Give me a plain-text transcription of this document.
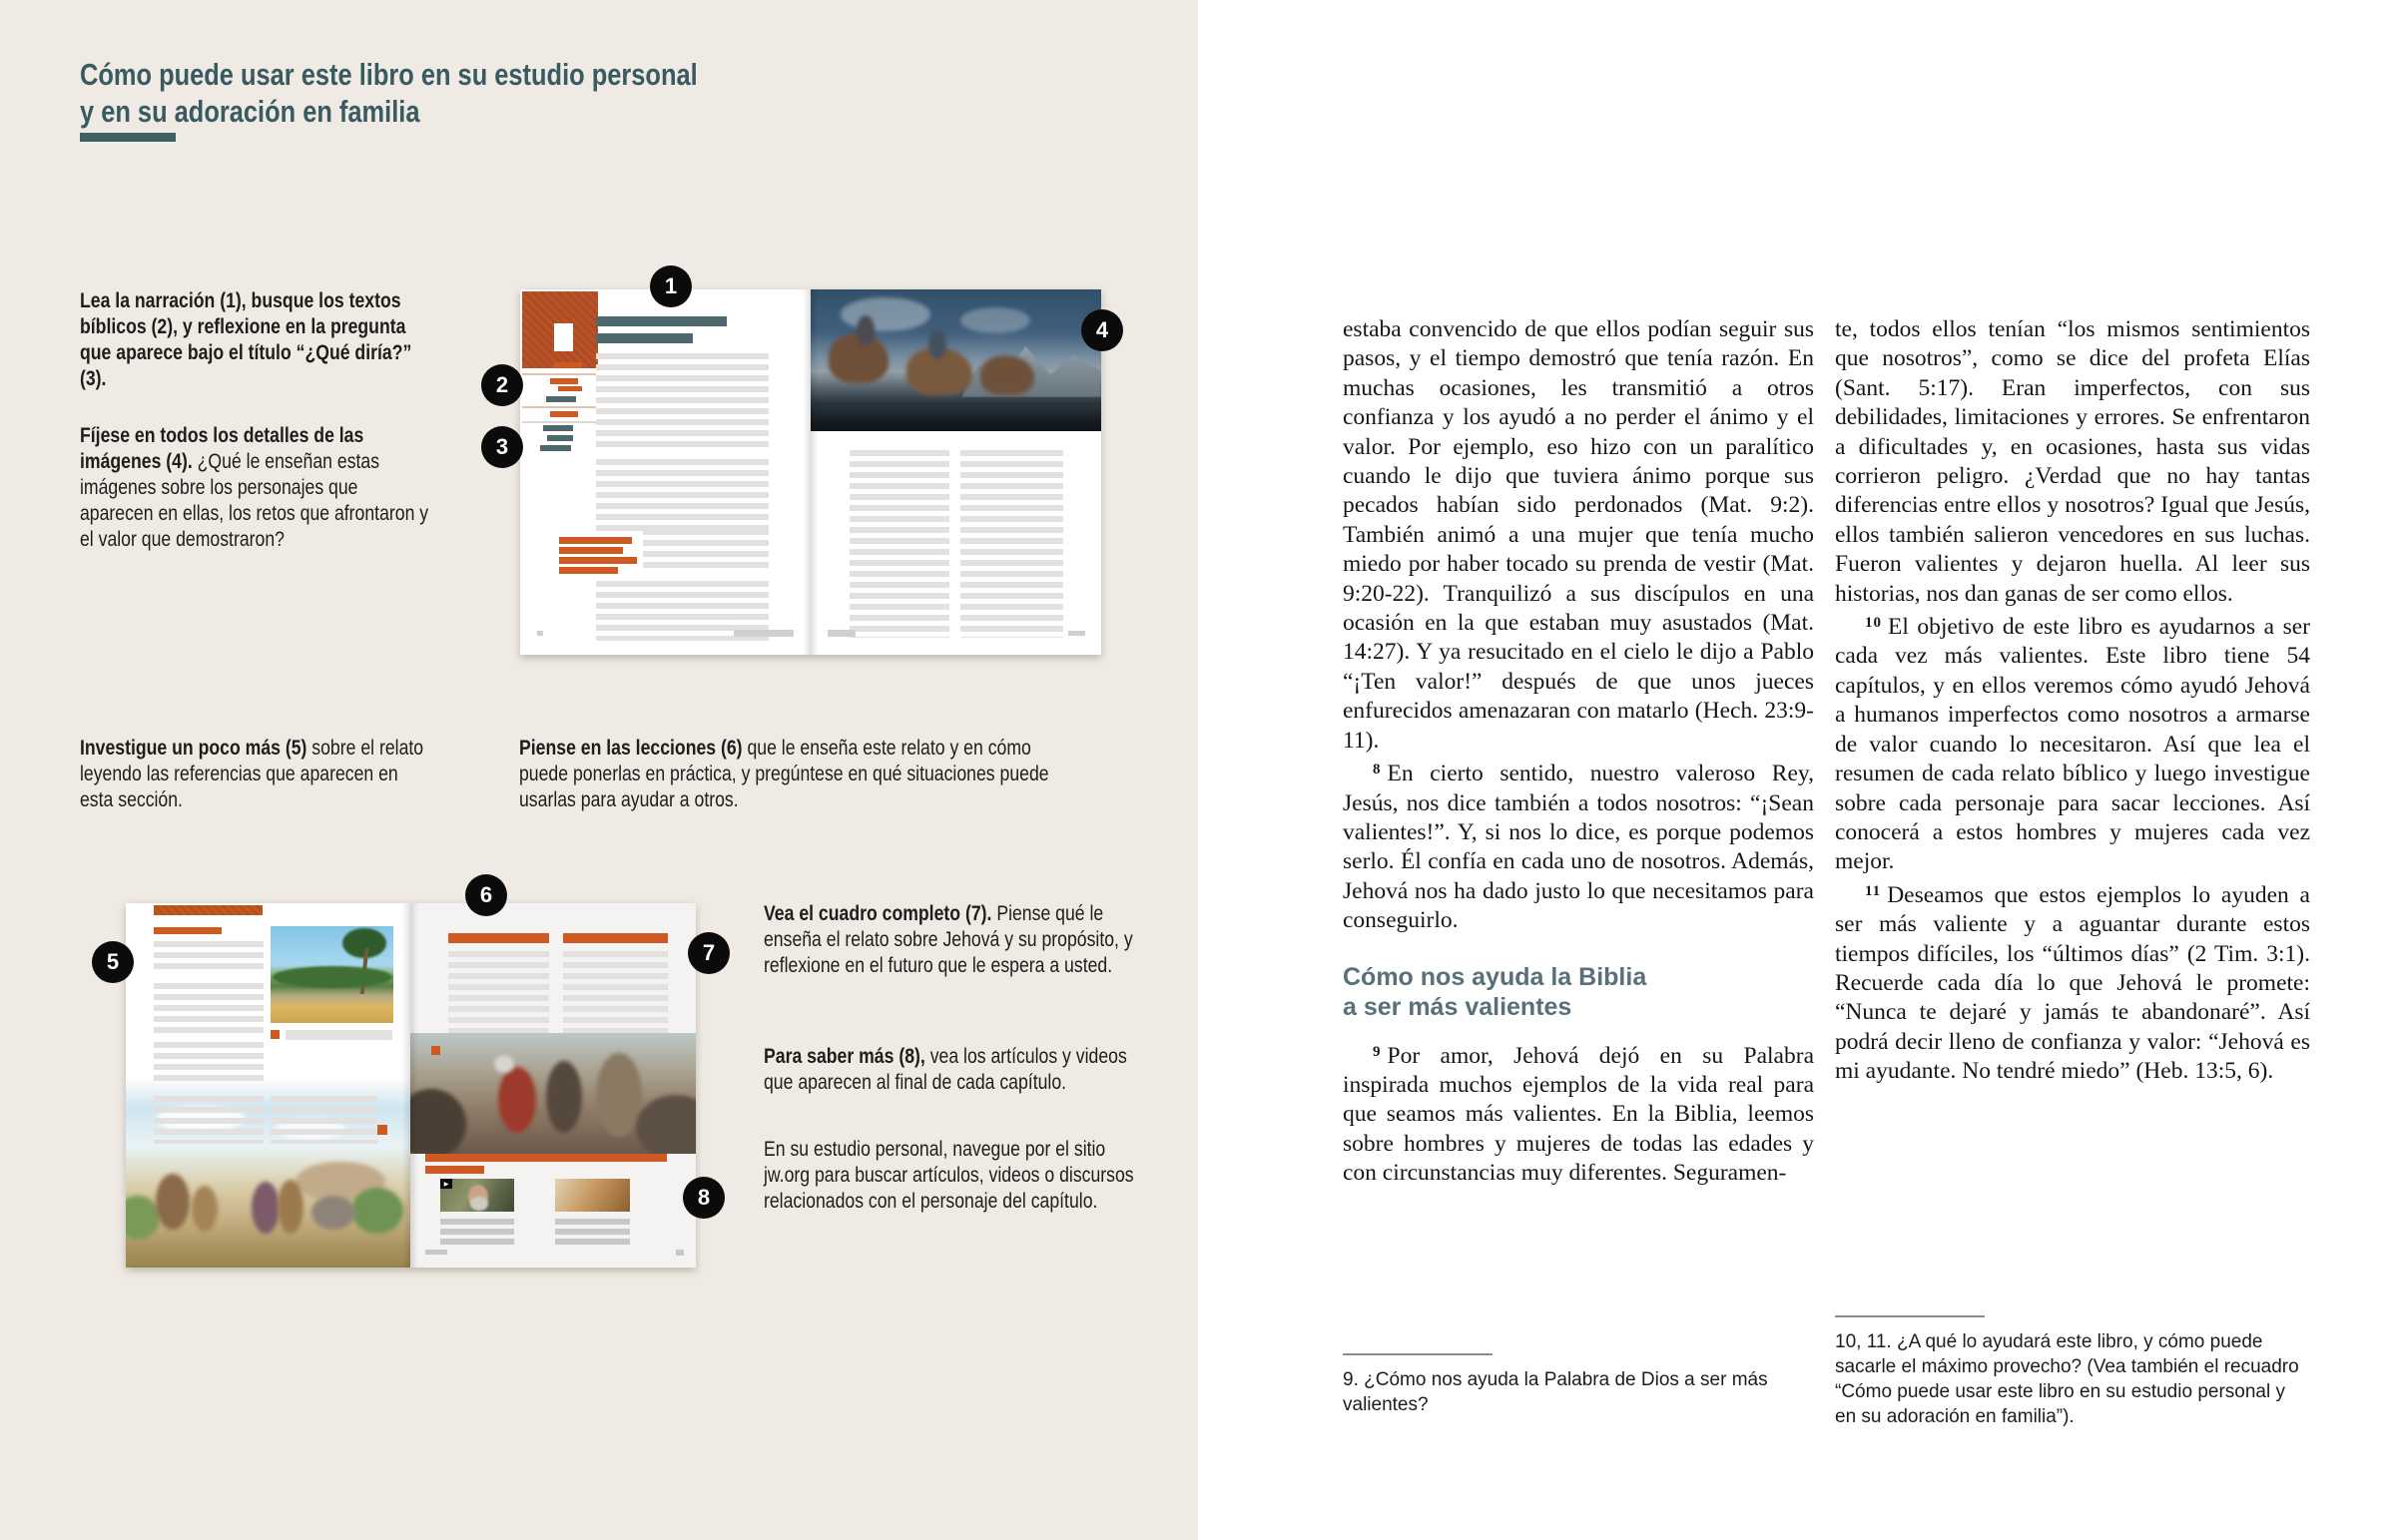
Cómo puede usar este libro en su estudio personal
y en su adoración en familia
Lea la narración (1), busque los textos bíblicos (2), y reflexione en la pregunta que aparece bajo el título “¿Qué diría?” (3).
Fíjese en todos los detalles de las imágenes (4). ¿Qué le enseñan estas imágenes sobre los personajes que aparecen en ellas, los retos que afrontaron y el valor que demostraron?
Investigue un poco más (5) sobre el relato leyendo las referencias que aparecen en esta sección.
Piense en las lecciones (6) que le enseña este relato y en cómo puede ponerlas en práctica, y pregúntese en qué situaciones puede usarlas para ayudar a otros.
Vea el cuadro completo (7). Piense qué le enseña el relato sobre Jehová y su propósito, y reflexione en el futuro que le espera a usted.
Para saber más (8), vea los artículos y videos que aparecen al final de cada capítulo.
En su estudio personal, navegue por el sitio jw.org para buscar artículos, videos o discursos relacionados con el personaje del capítulo.
▶
1
2
3
4
5
6
7
8

estaba convencido de que ellos podían seguir sus pasos, y el tiempo demostró que tenía razón. En muchas ocasiones, les transmitió a otros confianza y los ayudó a no perder el ánimo y el valor. Por ejemplo, eso hizo con un paralítico cuando le dijo que tuviera ánimo porque sus pecados habían sido perdonados (Mat. 9:2). También animó a una mujer que tenía mucho miedo por haber tocado su prenda de vestir (Mat. 9:20-22). Tranquilizó a sus discípulos en una ocasión en la que estaban muy asustados (Mat. 14:27). Y ya resucitado en el cielo le dijo a Pablo “¡Ten valor!” después de que unos jueces enfurecidos amenazaran con matarlo (Hech. 23:9-11).

$^8$ En cierto sentido, nuestro valeroso Rey, Jesús, nos dice también a todos nosotros: “¡Sean valientes!”. Y, si nos lo dice, es porque podemos serlo. Él confía en cada uno de nosotros. Además, Jehová nos ha dado justo lo que necesitamos para conseguirlo.

Cómo nos ayuda la Biblia
a ser más valientes

$^9$ Por amor, Jehová dejó en su Palabra inspirada muchos ejemplos de la vida real para que seamos más valientes. En la Biblia, leemos sobre hombres y mujeres de todas las edades y con circunstancias muy diferentes. Seguramen-

9. ¿Cómo nos ayuda la Palabra de Dios a ser más valientes?

te, todos ellos tenían “los mismos sentimientos que nosotros”, como se dice del profeta Elías (Sant. 5:17). Eran imperfectos, con sus debilidades, limitaciones y errores. Se enfrentaron a dificultades y, en ocasiones, hasta sus vidas corrieron peligro. ¿Verdad que no hay tantas diferencias entre ellos y nosotros? Igual que Jesús, ellos también salieron vencedores en sus luchas. Fueron valientes y dejaron huella. Al leer sus historias, nos dan ganas de ser como ellos.

$^{10}$ El objetivo de este libro es ayudarnos a ser cada vez más valientes. Este libro tiene 54 capítulos, y en ellos veremos cómo ayudó Jehová a humanos imperfectos como nosotros a armarse de valor cuando lo necesitaron. Así que lea el resumen de cada relato bíblico y luego investigue sobre cada personaje para sacar lecciones. Así conocerá a estos hombres y mujeres cada vez mejor.

$^{11}$ Deseamos que estos ejemplos lo ayuden a ser más valiente y a aguantar durante estos tiempos difíciles, los “últimos días” (2 Tim. 3:1). Recuerde cada día lo que Jehová le promete: “Nunca te dejaré y jamás te abandonaré”. Así podrá decir lleno de confianza y valor: “Jehová es mi ayudante. No tendré miedo” (Heb. 13:5, 6).

10, 11. ¿A qué lo ayudará este libro, y cómo puede sacarle el máximo provecho? (Vea también el recuadro “Cómo puede usar este libro en su estudio personal y en su adoración en familia”).
